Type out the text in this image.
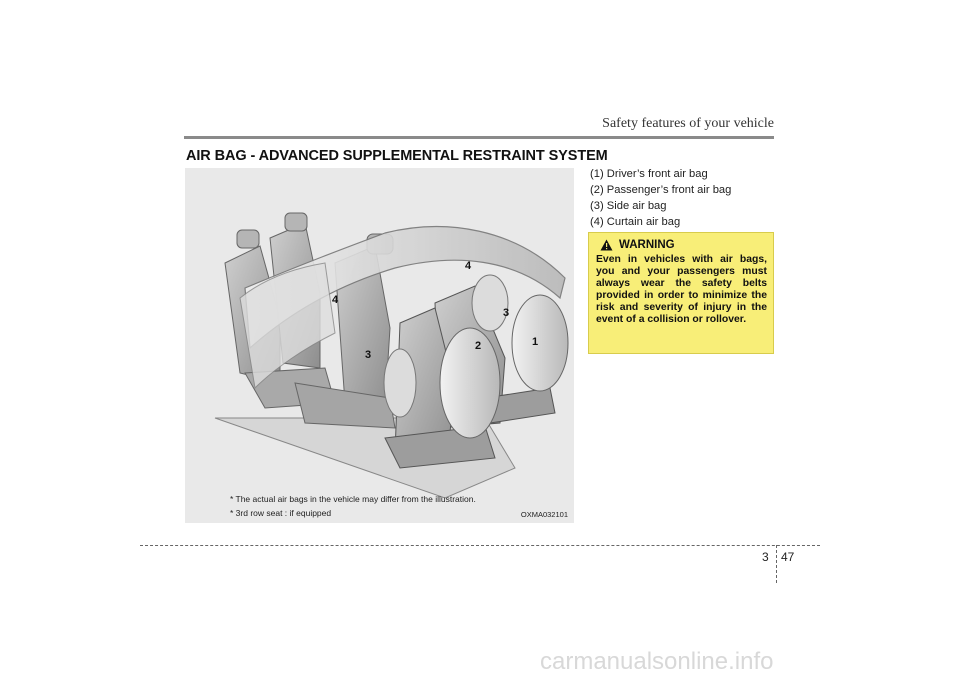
Safety features of your vehicle
AIR BAG - ADVANCED SUPPLEMENTAL RESTRAINT SYSTEM
4
4
3
3
2	1
* The actual air bags in the vehicle may differ from the illustration.
* 3rd row seat : if equipped	OXMA032101
(1) Driver’s front air bag
(2) Passenger’s front air bag
(3) Side air bag
(4) Curtain air bag
WARNING
Even in vehicles with air bags, you and your passengers must always wear the safety belts provided in order to minimize the risk and severity of injury in the event of a collision or rollover.
3 47
carmanualsonline.info
